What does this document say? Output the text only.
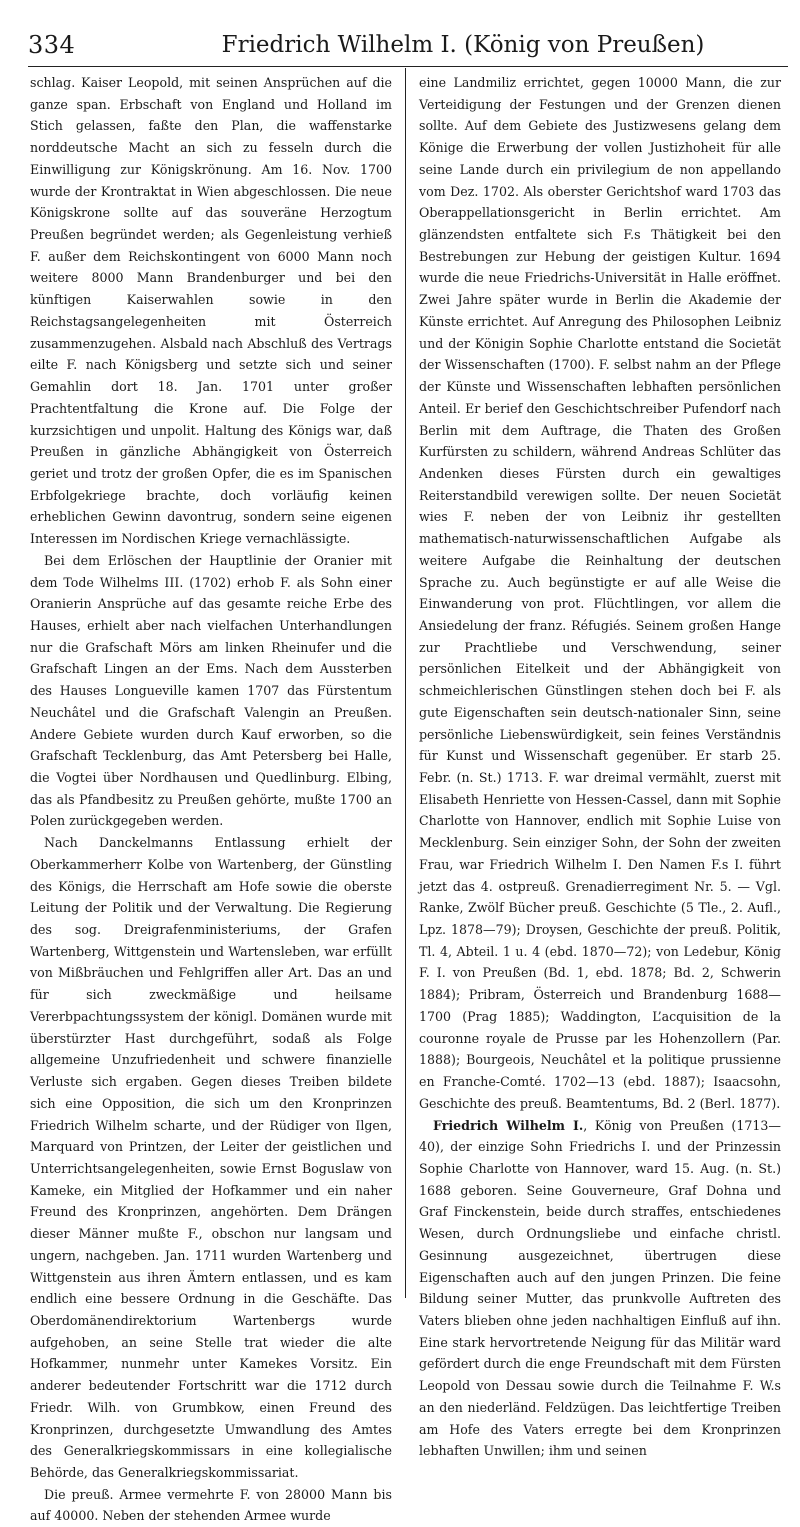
334	Friedrich Wilhelm I. (König von Preußen)

schlag. Kaiser Leopold, mit seinen Ansprüchen auf die ganze span. Erbschaft von England und Holland im Stich gelassen, faßte den Plan, die waffenstarke norddeutsche Macht an sich zu fesseln durch die Einwilligung zur Königskrönung. Am 16. Nov. 1700 wurde der Krontraktat in Wien abgeschlossen. Die neue Königskrone sollte auf das souveräne Herzogtum Preußen begründet werden; als Gegenleistung verhieß F. außer dem Reichskontingent von 6000 Mann noch weitere 8000 Mann Brandenburger und bei den künftigen Kaiserwahlen sowie in den Reichstagsangelegenheiten mit Österreich zusammenzugehen. Alsbald nach Abschluß des Vertrags eilte F. nach Königsberg und setzte sich und seiner Gemahlin dort 18. Jan. 1701 unter großer Prachtentfaltung die Krone auf. Die Folge der kurzsichtigen und unpolit. Haltung des Königs war, daß Preußen in gänzliche Abhängigkeit von Österreich geriet und trotz der großen Opfer, die es im Spanischen Erbfolgekriege brachte, doch vorläufig keinen erheblichen Gewinn davontrug, sondern seine eigenen Interessen im Nordischen Kriege vernachlässigte.

Bei dem Erlöschen der Hauptlinie der Oranier mit dem Tode Wilhelms III. (1702) erhob F. als Sohn einer Oranierin Ansprüche auf das gesamte reiche Erbe des Hauses, erhielt aber nach vielfachen Unterhandlungen nur die Grafschaft Mörs am linken Rheinufer und die Grafschaft Lingen an der Ems. Nach dem Aussterben des Hauses Longueville kamen 1707 das Fürstentum Neuchâtel und die Grafschaft Valengin an Preußen. Andere Gebiete wurden durch Kauf erworben, so die Grafschaft Tecklenburg, das Amt Petersberg bei Halle, die Vogtei über Nordhausen und Quedlinburg. Elbing, das als Pfandbesitz zu Preußen gehörte, mußte 1700 an Polen zurückgegeben werden.

Nach Danckelmanns Entlassung erhielt der Oberkammerherr Kolbe von Wartenberg, der Günstling des Königs, die Herrschaft am Hofe sowie die oberste Leitung der Politik und der Verwaltung. Die Regierung des sog. Dreigrafenministeriums, der Grafen Wartenberg, Wittgenstein und Wartensleben, war erfüllt von Mißbräuchen und Fehlgriffen aller Art. Das an und für sich zweckmäßige und heilsame Vererbpachtungssystem der königl. Domänen wurde mit überstürzter Hast durchgeführt, sodaß als Folge allgemeine Unzufriedenheit und schwere finanzielle Verluste sich ergaben. Gegen dieses Treiben bildete sich eine Opposition, die sich um den Kronprinzen Friedrich Wilhelm scharte, und der Rüdiger von Ilgen, Marquard von Printzen, der Leiter der geistlichen und Unterrichtsangelegenheiten, sowie Ernst Boguslaw von Kameke, ein Mitglied der Hofkammer und ein naher Freund des Kronprinzen, angehörten. Dem Drängen dieser Männer mußte F., obschon nur langsam und ungern, nachgeben. Jan. 1711 wurden Wartenberg und Wittgenstein aus ihren Ämtern entlassen, und es kam endlich eine bessere Ordnung in die Geschäfte. Das Oberdomänendirektorium Wartenbergs wurde aufgehoben, an seine Stelle trat wieder die alte Hofkammer, nunmehr unter Kamekes Vorsitz. Ein anderer bedeutender Fortschritt war die 1712 durch Friedr. Wilh. von Grumbkow, einen Freund des Kronprinzen, durchgesetzte Umwandlung des Amtes des Generalkriegskommissars in eine kollegialische Behörde, das Generalkriegskommissariat.

Die preuß. Armee vermehrte F. von 28000 Mann bis auf 40000. Neben der stehenden Armee wurde

eine Landmiliz errichtet, gegen 10000 Mann, die zur Verteidigung der Festungen und der Grenzen dienen sollte. Auf dem Gebiete des Justizwesens gelang dem Könige die Erwerbung der vollen Justizhoheit für alle seine Lande durch ein privilegium de non appellando vom Dez. 1702. Als oberster Gerichtshof ward 1703 das Oberappellationsgericht in Berlin errichtet. Am glänzendsten entfaltete sich F.s Thätigkeit bei den Bestrebungen zur Hebung der geistigen Kultur. 1694 wurde die neue Friedrichs-Universität in Halle eröffnet. Zwei Jahre später wurde in Berlin die Akademie der Künste errichtet. Auf Anregung des Philosophen Leibniz und der Königin Sophie Charlotte entstand die Societät der Wissenschaften (1700). F. selbst nahm an der Pflege der Künste und Wissenschaften lebhaften persönlichen Anteil. Er berief den Geschichtschreiber Pufendorf nach Berlin mit dem Auftrage, die Thaten des Großen Kurfürsten zu schildern, während Andreas Schlüter das Andenken dieses Fürsten durch ein gewaltiges Reiterstandbild verewigen sollte. Der neuen Societät wies F. neben der von Leibniz ihr gestellten mathematisch-naturwissenschaftlichen Aufgabe als weitere Aufgabe die Reinhaltung der deutschen Sprache zu. Auch begünstigte er auf alle Weise die Einwanderung von prot. Flüchtlingen, vor allem die Ansiedelung der franz. Réfugiés. Seinem großen Hange zur Prachtliebe und Verschwendung, seiner persönlichen Eitelkeit und der Abhängigkeit von schmeichlerischen Günstlingen stehen doch bei F. als gute Eigenschaften sein deutsch-nationaler Sinn, seine persönliche Liebenswürdigkeit, sein feines Verständnis für Kunst und Wissenschaft gegenüber. Er starb 25. Febr. (n. St.) 1713. F. war dreimal vermählt, zuerst mit Elisabeth Henriette von Hessen-Cassel, dann mit Sophie Charlotte von Hannover, endlich mit Sophie Luise von Mecklenburg. Sein einziger Sohn, der Sohn der zweiten Frau, war Friedrich Wilhelm I. Den Namen F.s I. führt jetzt das 4. ostpreuß. Grenadierregiment Nr. 5. — Vgl. Ranke, Zwölf Bücher preuß. Geschichte (5 Tle., 2. Aufl., Lpz. 1878—79); Droysen, Geschichte der preuß. Politik, Tl. 4, Abteil. 1 u. 4 (ebd. 1870—72); von Ledebur, König F. I. von Preußen (Bd. 1, ebd. 1878; Bd. 2, Schwerin 1884); Pribram, Österreich und Brandenburg 1688—1700 (Prag 1885); Waddington, L’acquisition de la couronne royale de Prusse par les Hohenzollern (Par. 1888); Bourgeois, Neuchâtel et la politique prussienne en Franche-Comté. 1702—13 (ebd. 1887); Isaacsohn, Geschichte des preuß. Beamtentums, Bd. 2 (Berl. 1877).

Friedrich Wilhelm I., König von Preußen (1713—40), der einzige Sohn Friedrichs I. und der Prinzessin Sophie Charlotte von Hannover, ward 15. Aug. (n. St.) 1688 geboren. Seine Gouverneure, Graf Dohna und Graf Finckenstein, beide durch straffes, entschiedenes Wesen, durch Ordnungsliebe und einfache christl. Gesinnung ausgezeichnet, übertrugen diese Eigenschaften auch auf den jungen Prinzen. Die feine Bildung seiner Mutter, das prunkvolle Auftreten des Vaters blieben ohne jeden nachhaltigen Einfluß auf ihn. Eine stark hervortretende Neigung für das Militär ward gefördert durch die enge Freundschaft mit dem Fürsten Leopold von Dessau sowie durch die Teilnahme F. W.s an den niederländ. Feldzügen. Das leichtfertige Treiben am Hofe des Vaters erregte bei dem Kronprinzen lebhaften Unwillen; ihm und seinen
